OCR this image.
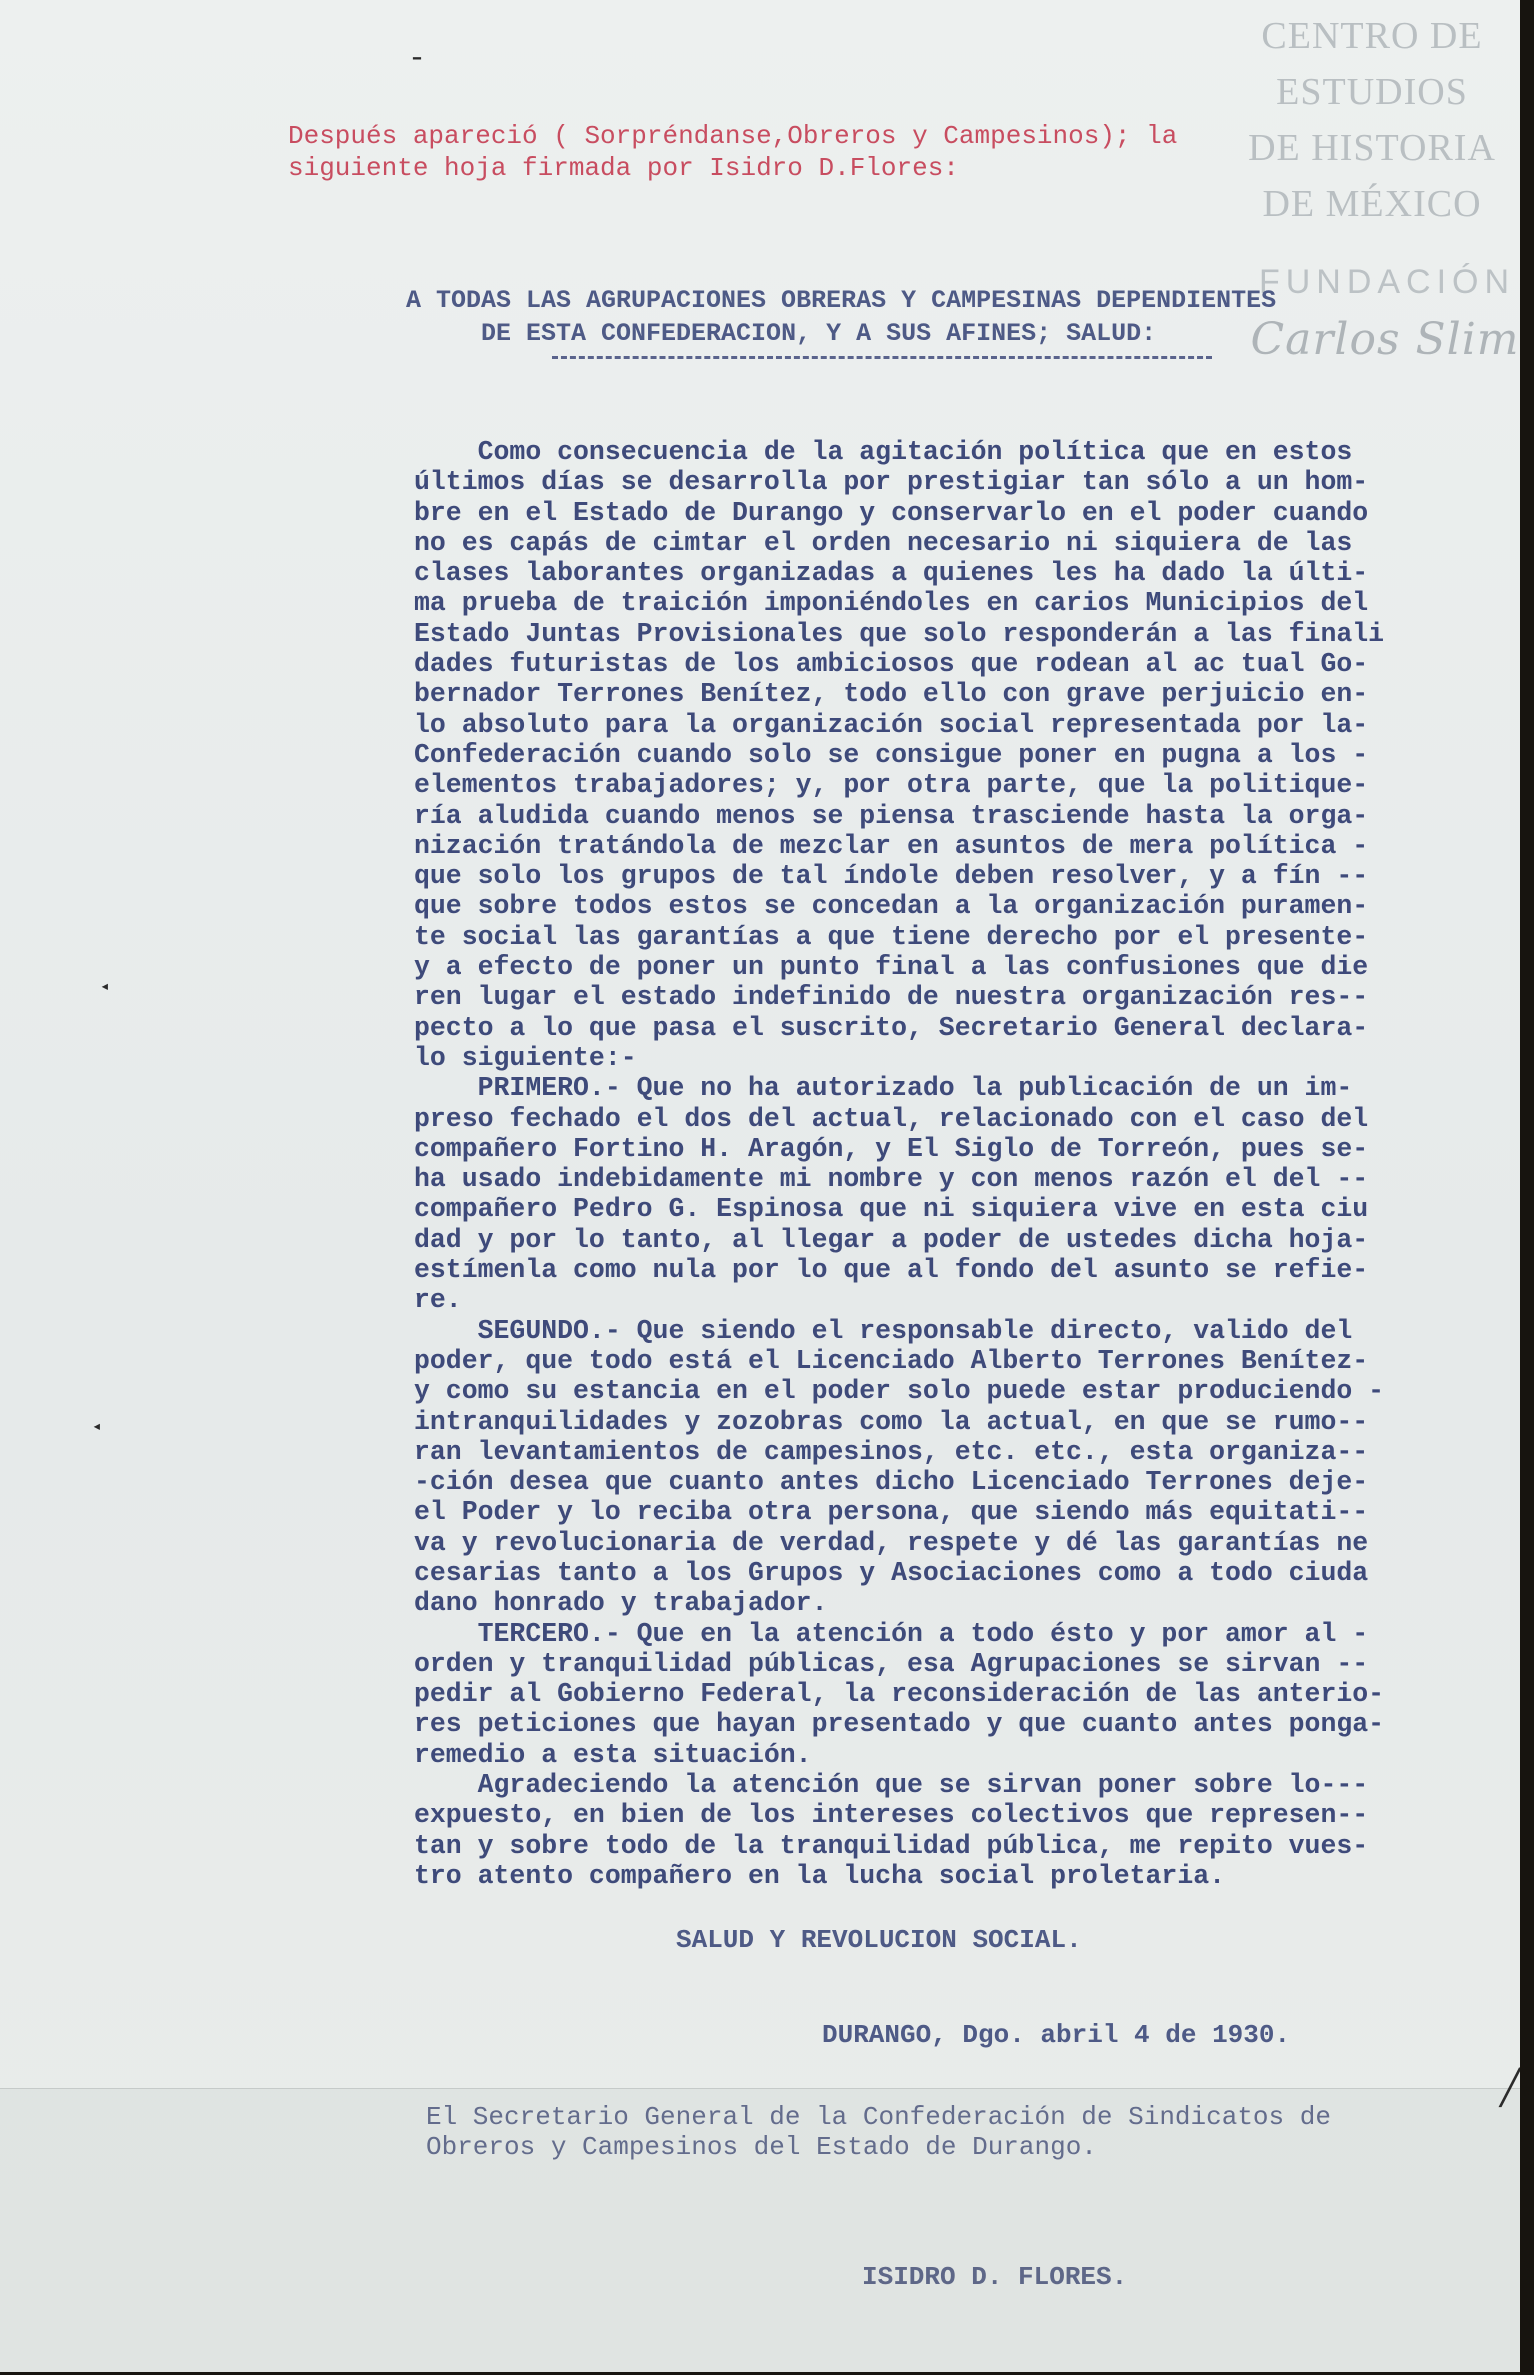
‐
◂
◂
╱
CENTRO DE
ESTUDIOS
DE HISTORIA
DE MÉXICO
FUNDACIÓN
Carlos Slim
Después apareció ( Sorpréndanse,Obreros y Campesinos); la
siguiente hoja firmada por Isidro D.Flores:
A TODAS LAS AGRUPACIONES OBRERAS Y CAMPESINAS DEPENDIENTES
DE ESTA CONFEDERACION, Y A SUS AFINES; SALUD:
Como consecuencia de la agitación política que en estos
últimos días se desarrolla por prestigiar tan sólo a un hom-
bre en el Estado de Durango y conservarlo en el poder cuando
no es capás de cimtar el orden necesario ni siquiera de las
clases laborantes organizadas a quienes les ha dado la últi-
ma prueba de traición imponiéndoles en carios Municipios del
Estado Juntas Provisionales que solo responderán a las finali
dades futuristas de los ambiciosos que rodean al ac tual Go-
bernador Terrones Benítez, todo ello con grave perjuicio en-
lo absoluto para la organización social representada por la-
Confederación cuando solo se consigue poner en pugna a los -
elementos trabajadores; y, por otra parte, que la politique-
ría aludida cuando menos se piensa trasciende hasta la orga-
nización tratándola de mezclar en asuntos de mera política -
que solo los grupos de tal índole deben resolver, y a fín --
que sobre todos estos se concedan a la organización puramen-
te social las garantías a que tiene derecho por el presente-
y a efecto de poner un punto final a las confusiones que die
ren lugar el estado indefinido de nuestra organización res--
pecto a lo que pasa el suscrito, Secretario General declara-
lo siguiente:-
PRIMERO.- Que no ha autorizado la publicación de un im-
preso fechado el dos del actual, relacionado con el caso del
compañero Fortino H. Aragón, y El Siglo de Torreón, pues se-
ha usado indebidamente mi nombre y con menos razón el del --
compañero Pedro G. Espinosa que ni siquiera vive en esta ciu
dad y por lo tanto, al llegar a poder de ustedes dicha hoja-
estímenla como nula por lo que al fondo del asunto se refie-
re.
SEGUNDO.- Que siendo el responsable directo, valido del
poder, que todo está el Licenciado Alberto Terrones Benítez-
y como su estancia en el poder solo puede estar produciendo -
intranquilidades y zozobras como la actual, en que se rumo--
ran levantamientos de campesinos, etc. etc., esta organiza--
-ción desea que cuanto antes dicho Licenciado Terrones deje-
el Poder y lo reciba otra persona, que siendo más equitati--
va y revolucionaria de verdad, respete y dé las garantías ne
cesarias tanto a los Grupos y Asociaciones como a todo ciuda
dano honrado y trabajador.
TERCERO.- Que en la atención a todo ésto y por amor al -
orden y tranquilidad públicas, esa Agrupaciones se sirvan --
pedir al Gobierno Federal, la reconsideración de las anterio-
res peticiones que hayan presentado y que cuanto antes ponga-
remedio a esta situación.
Agradeciendo la atención que se sirvan poner sobre lo---
expuesto, en bien de los intereses colectivos que represen--
tan y sobre todo de la tranquilidad pública, me repito vues-
tro atento compañero en la lucha social proletaria.
SALUD Y REVOLUCION SOCIAL.
DURANGO, Dgo. abril 4 de 1930.
El Secretario General de la Confederación de Sindicatos de
Obreros y Campesinos del Estado de Durango.
ISIDRO D. FLORES.
